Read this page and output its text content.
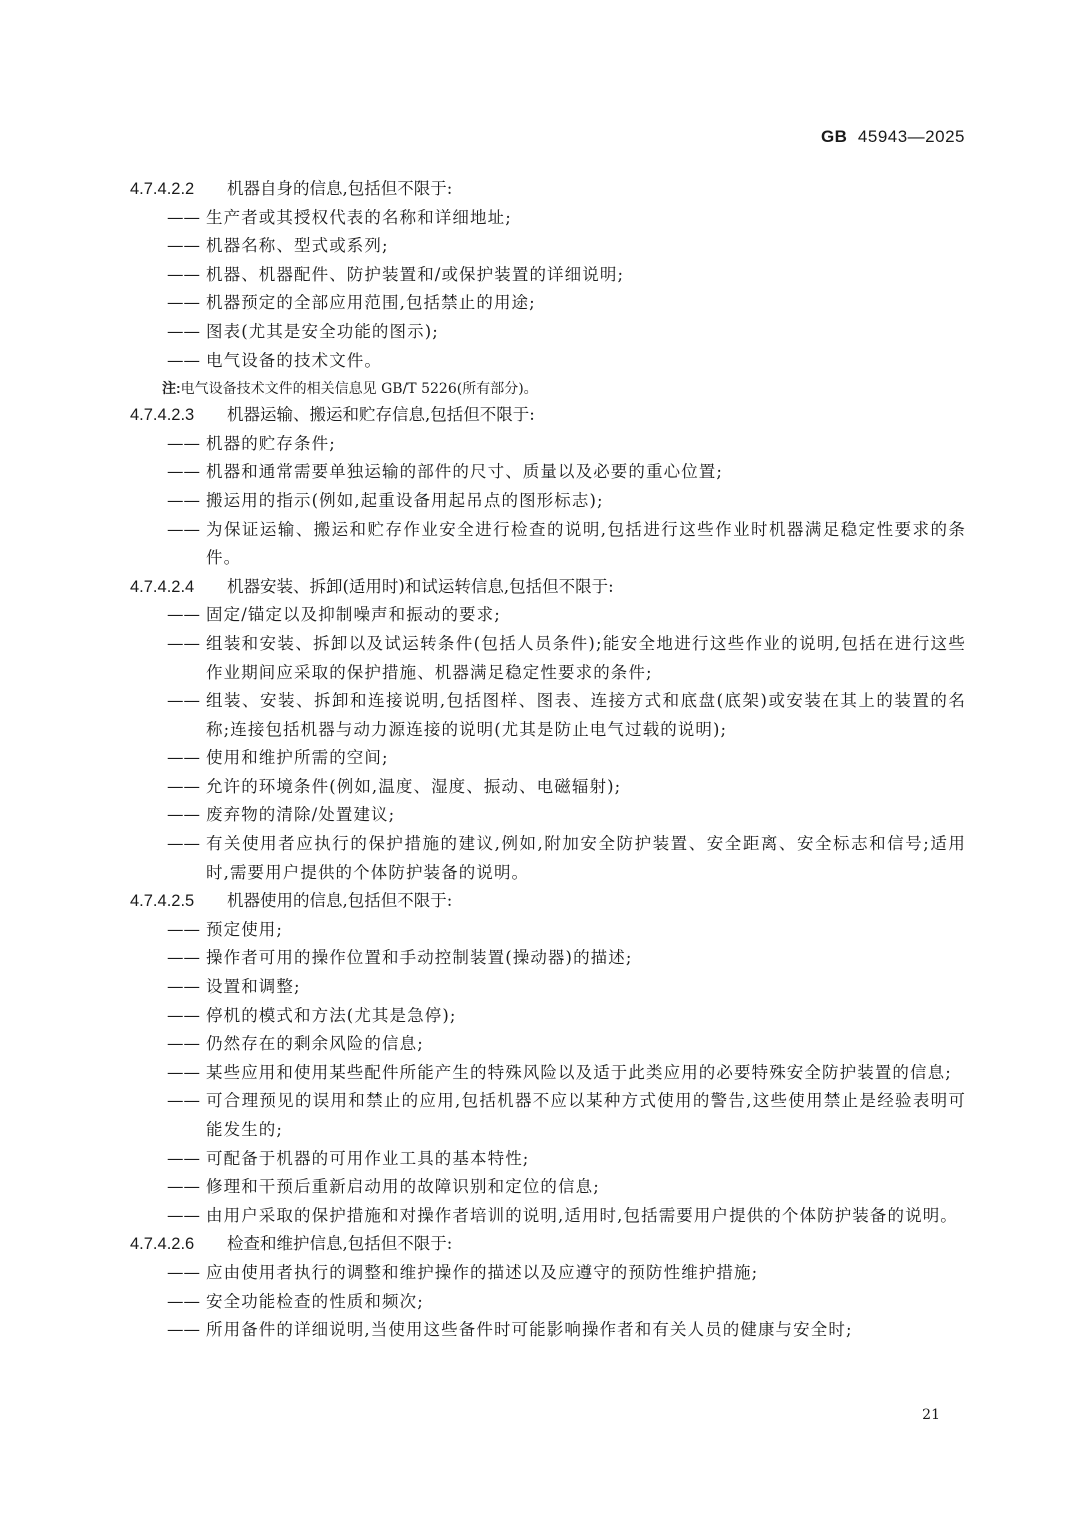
GB 45943—2025
4.7.4.2.2 机器自身的信息,包括但不限于:
—— 生产者或其授权代表的名称和详细地址;
—— 机器名称、型式或系列;
—— 机器、机器配件、防护装置和/或保护装置的详细说明;
—— 机器预定的全部应用范围,包括禁止的用途;
—— 图表(尤其是安全功能的图示);
—— 电气设备的技术文件。
注:电气设备技术文件的相关信息见 GB/T 5226(所有部分)。
4.7.4.2.3 机器运输、搬运和贮存信息,包括但不限于:
—— 机器的贮存条件;
—— 机器和通常需要单独运输的部件的尺寸、质量以及必要的重心位置;
—— 搬运用的指示(例如,起重设备用起吊点的图形标志);
—— 为保证运输、搬运和贮存作业安全进行检查的说明,包括进行这些作业时机器满足稳定性要求的条件。
4.7.4.2.4 机器安装、拆卸(适用时)和试运转信息,包括但不限于:
—— 固定/锚定以及抑制噪声和振动的要求;
—— 组装和安装、拆卸以及试运转条件(包括人员条件);能安全地进行这些作业的说明,包括在进行这些作业期间应采取的保护措施、机器满足稳定性要求的条件;
—— 组装、安装、拆卸和连接说明,包括图样、图表、连接方式和底盘(底架)或安装在其上的装置的名称;连接包括机器与动力源连接的说明(尤其是防止电气过载的说明);
—— 使用和维护所需的空间;
—— 允许的环境条件(例如,温度、湿度、振动、电磁辐射);
—— 废弃物的清除/处置建议;
—— 有关使用者应执行的保护措施的建议,例如,附加安全防护装置、安全距离、安全标志和信号;适用时,需要用户提供的个体防护装备的说明。
4.7.4.2.5 机器使用的信息,包括但不限于:
—— 预定使用;
—— 操作者可用的操作位置和手动控制装置(操动器)的描述;
—— 设置和调整;
—— 停机的模式和方法(尤其是急停);
—— 仍然存在的剩余风险的信息;
—— 某些应用和使用某些配件所能产生的特殊风险以及适于此类应用的必要特殊安全防护装置的信息;
—— 可合理预见的误用和禁止的应用,包括机器不应以某种方式使用的警告,这些使用禁止是经验表明可能发生的;
—— 可配备于机器的可用作业工具的基本特性;
—— 修理和干预后重新启动用的故障识别和定位的信息;
—— 由用户采取的保护措施和对操作者培训的说明,适用时,包括需要用户提供的个体防护装备的说明。
4.7.4.2.6 检查和维护信息,包括但不限于:
—— 应由使用者执行的调整和维护操作的描述以及应遵守的预防性维护措施;
—— 安全功能检查的性质和频次;
—— 所用备件的详细说明,当使用这些备件时可能影响操作者和有关人员的健康与安全时;
21
